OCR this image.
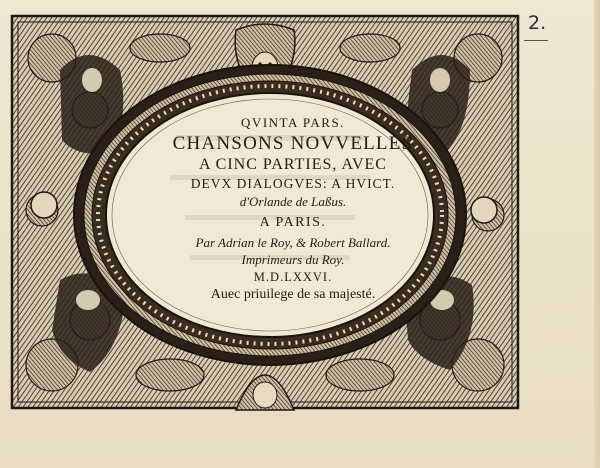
QVINTA PARS.
CHANSONS NOVVELLES
A CINC PARTIES, AVEC
DEVX DIALOGVES: A HVICT.
d'Orlande de Laßus.
A PARIS.
Par Adrian le Roy, & Robert Ballard.
Imprimeurs du Roy.
M.D.LXXVI.
Auec priuilege de sa majesté.
2.
